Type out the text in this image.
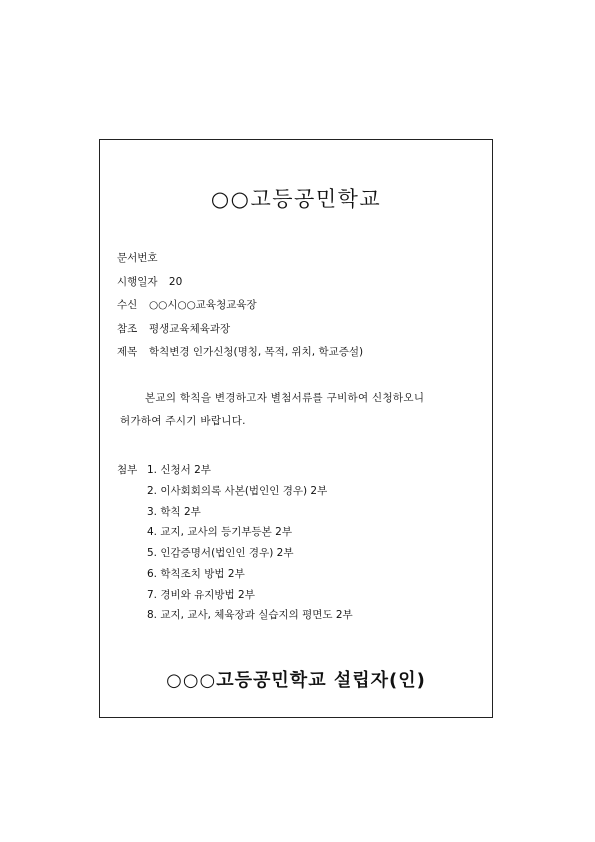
○○고등공민학교
문서번호
시행일자 20
수신 ○○시○○교육청교육장
참조 평생교육체육과장
제목 학칙변경 인가신청(명칭, 목적, 위치, 학교증설)
본교의 학칙을 변경하고자 별첨서류를 구비하여 신청하오니
허가하여 주시기 바랍니다.
첨부 1. 신청서 2부
2. 이사회회의록 사본(법인인 경우) 2부
3. 학칙 2부
4. 교지, 교사의 등기부등본 2부
5. 인감증명서(법인인 경우) 2부
6. 학칙조치 방법 2부
7. 경비와 유지방법 2부
8. 교지, 교사, 체육장과 실습지의 평면도 2부
○○○고등공민학교 설립자(인)
